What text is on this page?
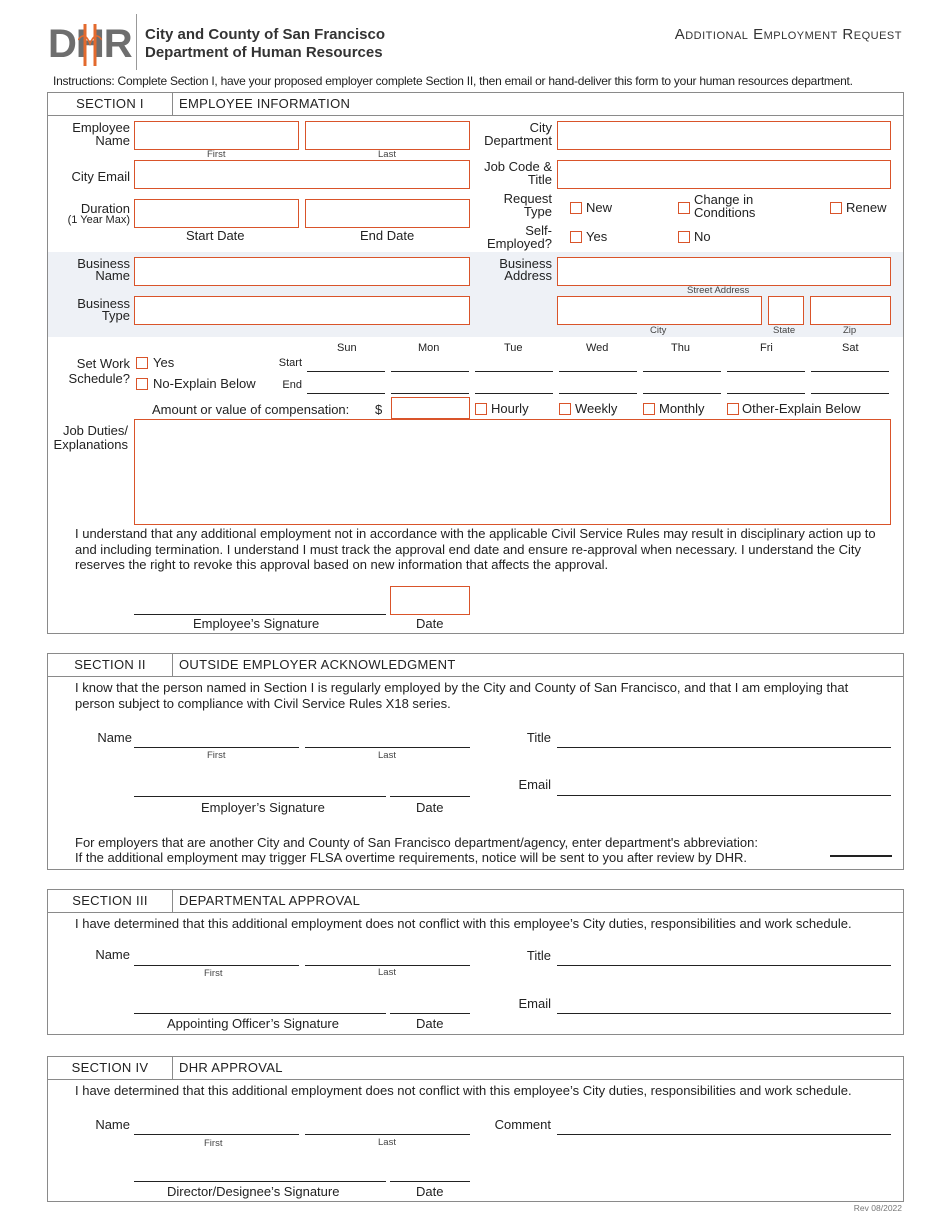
DHR City and County of San Francisco
Department of Human Resources
Additional Employment Request
Instructions: Complete Section I, have your proposed employer complete Section II, then email or hand-deliver this form to your human resources department.
SECTION I	EMPLOYEE INFORMATION
Employee Name
First	Last
City Department
City Email
Job Code & Title
Duration
(1 Year Max)
Start Date	End Date
Request Type	New
Change in Conditions	Renew
Self-Employed?	Yes	No
Business Name
Business Type
Business Address
Street Address
City	State	Zip
Set Work Schedule?
Yes
No-Explain Below
Start
End
Sun	Mon	Tue	Wed	Thu	Fri	Sat
Amount or value of compensation: $	Hourly	Weekly	Monthly	Other-Explain Below
Job Duties/ Explanations
I understand that any additional employment not in accordance with the applicable Civil Service Rules may result in disciplinary action up to and including termination. I understand I must track the approval end date and ensure re-approval when necessary. I understand the City reserves the right to revoke this approval based on new information that affects the approval.
Employee’s Signature	Date
SECTION II	OUTSIDE EMPLOYER ACKNOWLEDGMENT
I know that the person named in Section I is regularly employed by the City and County of San Francisco, and that I am employing that person subject to compliance with Civil Service Rules X18 series.
Name
First	Last
Title
Email
Employer’s Signature	Date
For employers that are another City and County of San Francisco department/agency, enter department's abbreviation:
If the additional employment may trigger FLSA overtime requirements, notice will be sent to you after review by DHR.
SECTION III	DEPARTMENTAL APPROVAL
I have determined that this additional employment does not conflict with this employee’s City duties, responsibilities and work schedule.
Name
First	Last
Title
Email
Appointing Officer’s Signature	Date
SECTION IV	DHR APPROVAL
I have determined that this additional employment does not conflict with this employee’s City duties, responsibilities and work schedule.
Name
First	Last
Comment
Director/Designee’s Signature	Date
Rev 08/2022
